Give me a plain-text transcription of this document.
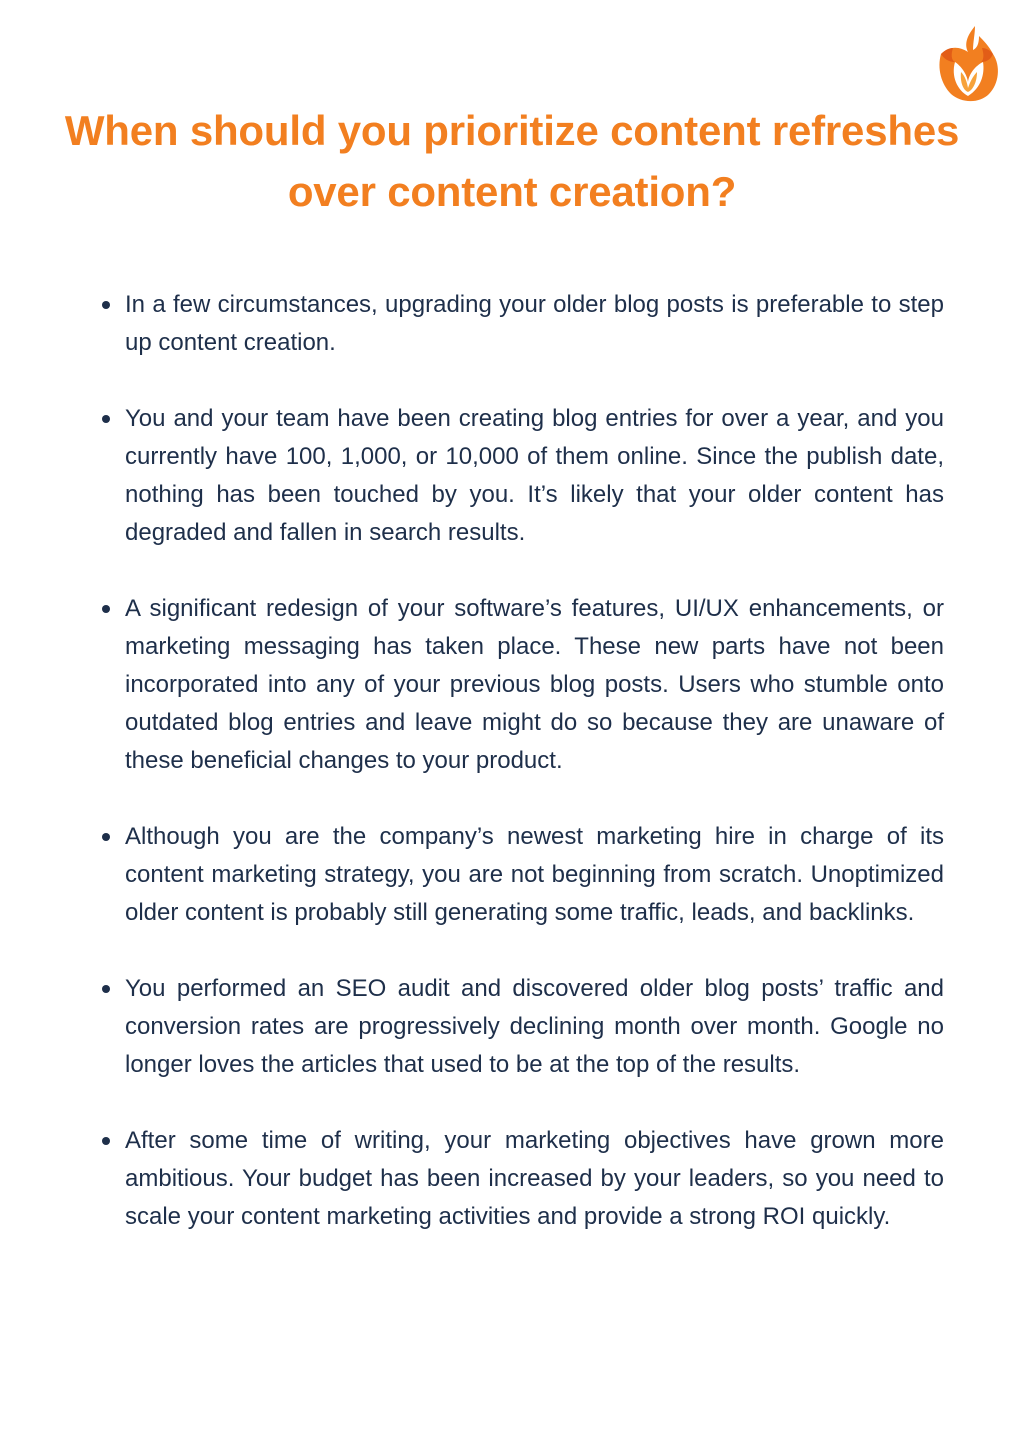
When should you prioritize content refreshes over content creation?
In a few circumstances, upgrading your older blog posts is preferable to step up content creation.
You and your team have been creating blog entries for over a year, and you currently have 100, 1,000, or 10,000 of them online. Since the publish date, nothing has been touched by you. It’s likely that your older content has degraded and fallen in search results.
A significant redesign of your software’s features, UI/UX enhancements, or marketing messaging has taken place. These new parts have not been incorporated into any of your previous blog posts. Users who stumble onto outdated blog entries and leave might do so because they are unaware of these beneficial changes to your product.
Although you are the company’s newest marketing hire in charge of its content marketing strategy, you are not beginning from scratch. Unoptimized older content is probably still generating some traffic, leads, and backlinks.
You performed an SEO audit and discovered older blog posts’ traffic and conversion rates are progressively declining month over month. Google no longer loves the articles that used to be at the top of the results.
After some time of writing, your marketing objectives have grown more ambitious. Your budget has been increased by your leaders, so you need to scale your content marketing activities and provide a strong ROI quickly.
